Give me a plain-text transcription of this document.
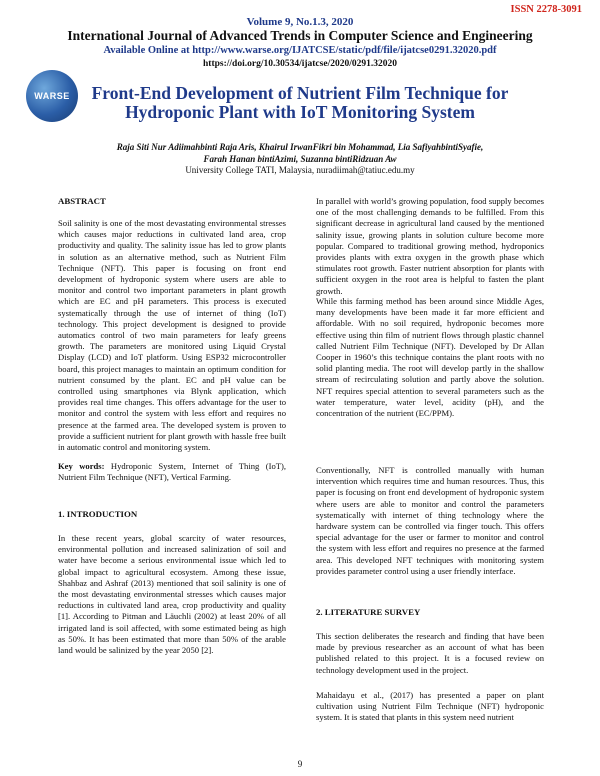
ISSN 2278-3091
Volume 9, No.1.3, 2020
International Journal of Advanced Trends in Computer Science and Engineering
Available Online at http://www.warse.org/IJATCSE/static/pdf/file/ijatcse0291.32020.pdf
https://doi.org/10.30534/ijatcse/2020/0291.32020
WARSE	Front-End Development of Nutrient Film Technique for
Hydroponic Plant with IoT Monitoring System
Raja Siti Nur Adiimahbinti Raja Aris, Khairul IrwanFikri bin Mohammad, Lia SafiyahbintiSyafie,
Farah Hanan bintiAzimi, Suzanna bintiRidzuan Aw
University College TATI, Malaysia, nuradiimah@tatiuc.edu.my
ABSTRACT

Soil salinity is one of the most devastating environmental stresses which causes major reductions in cultivated land area, crop productivity and quality. The salinity issue has led to grow plants in solution as an alternative method, such as Nutrient Film Technique (NFT). This paper is focusing on front end development of hydroponic system where users are able to monitor and control two important parameters in plant growth which are EC and pH parameters. This process is executed systematically through the use of internet of thing (IoT) technology. This project development is designed to provide automatics control of two main parameters for leafy greens growth. The parameters are monitored using Liquid Crystal Display (LCD) and IoT platform. Using ESP32 microcontroller board, this project manages to maintain an optimum condition for nutrient consumed by the plant. EC and pH value can be controlled using smartphones via Blynk application, which provides real time changes. This offers advantage for the user to monitor and control the system with less effort and requires no presence at the farmed area. The developed system is proven to provide a sufficient nutrient for plant growth with hassle free built in automatic control and monitoring system.

Key words: Hydroponic System, Internet of Thing (IoT), Nutrient Film Technique (NFT), Vertical Farming.

1. INTRODUCTION

In these recent years, global scarcity of water resources, environmental pollution and increased salinization of soil and water have become a serious environmental issue which led to global impact to agricultural ecosystem. Among these issue, Shahbaz and Ashraf (2013) mentioned that soil salinity is one of the most devastating environmental stresses which causes major reductions in cultivated land area, crop productivity and quality [1]. According to Pitman and Läuchli (2002) at least 20% of all irrigated land is soil affected, with some estimated being as high as 50%. It has been estimated that more than 50% of the arable land would be salinized by the year 2050 [2].

In parallel with world’s growing population, food supply becomes one of the most challenging demands to be fulfilled. From this significant decrease in agricultural land caused by the mentioned salinity issue, growing plants in solution culture become more popular. Compared to traditional growing method, hydroponics provides plants with extra oxygen in the growth phase which stimulates root growth. Faster nutrient absorption for plants with sufficient oxygen in the root area is helpful to fasten the plant growth.

While this farming method has been around since Middle Ages, many developments have been made it far more efficient and affordable. With no soil required, hydroponic becomes more effective using thin film of nutrient flows through plastic channel called Nutrient Film Technique (NFT). Developed by Dr Allan Cooper in 1960’s this technique contains the plant roots with no solid planting media. The root will develop partly in the shallow stream of recirculating solution and partly above the solution. NFT requires special attention to several parameters such as the water temperature, water level, acidity (pH), and the concentration of the nutrient (EC/PPM).

Conventionally, NFT is controlled manually with human intervention which requires time and human resources. Thus, this paper is focusing on front end development of hydroponic system where users are able to monitor and control the parameters systematically with internet of thing technology where the hardware system can be controlled via finger touch. This offers special advantage for the user or farmer to monitor and control the system with less effort and requires no presence at the farmed area. This developed NFT techniques with monitoring system provides parameter control using a user friendly interface.

2. LITERATURE SURVEY

This section deliberates the research and finding that have been made by previous researcher as an account of what has been published related to this project. It is a focused review on technology development used in the project.

Mahaidayu et al., (2017) has presented a paper on plant cultivation using Nutrient Film Technique (NFT) hydroponic system. It is stated that plants in this system need nutrient

9
